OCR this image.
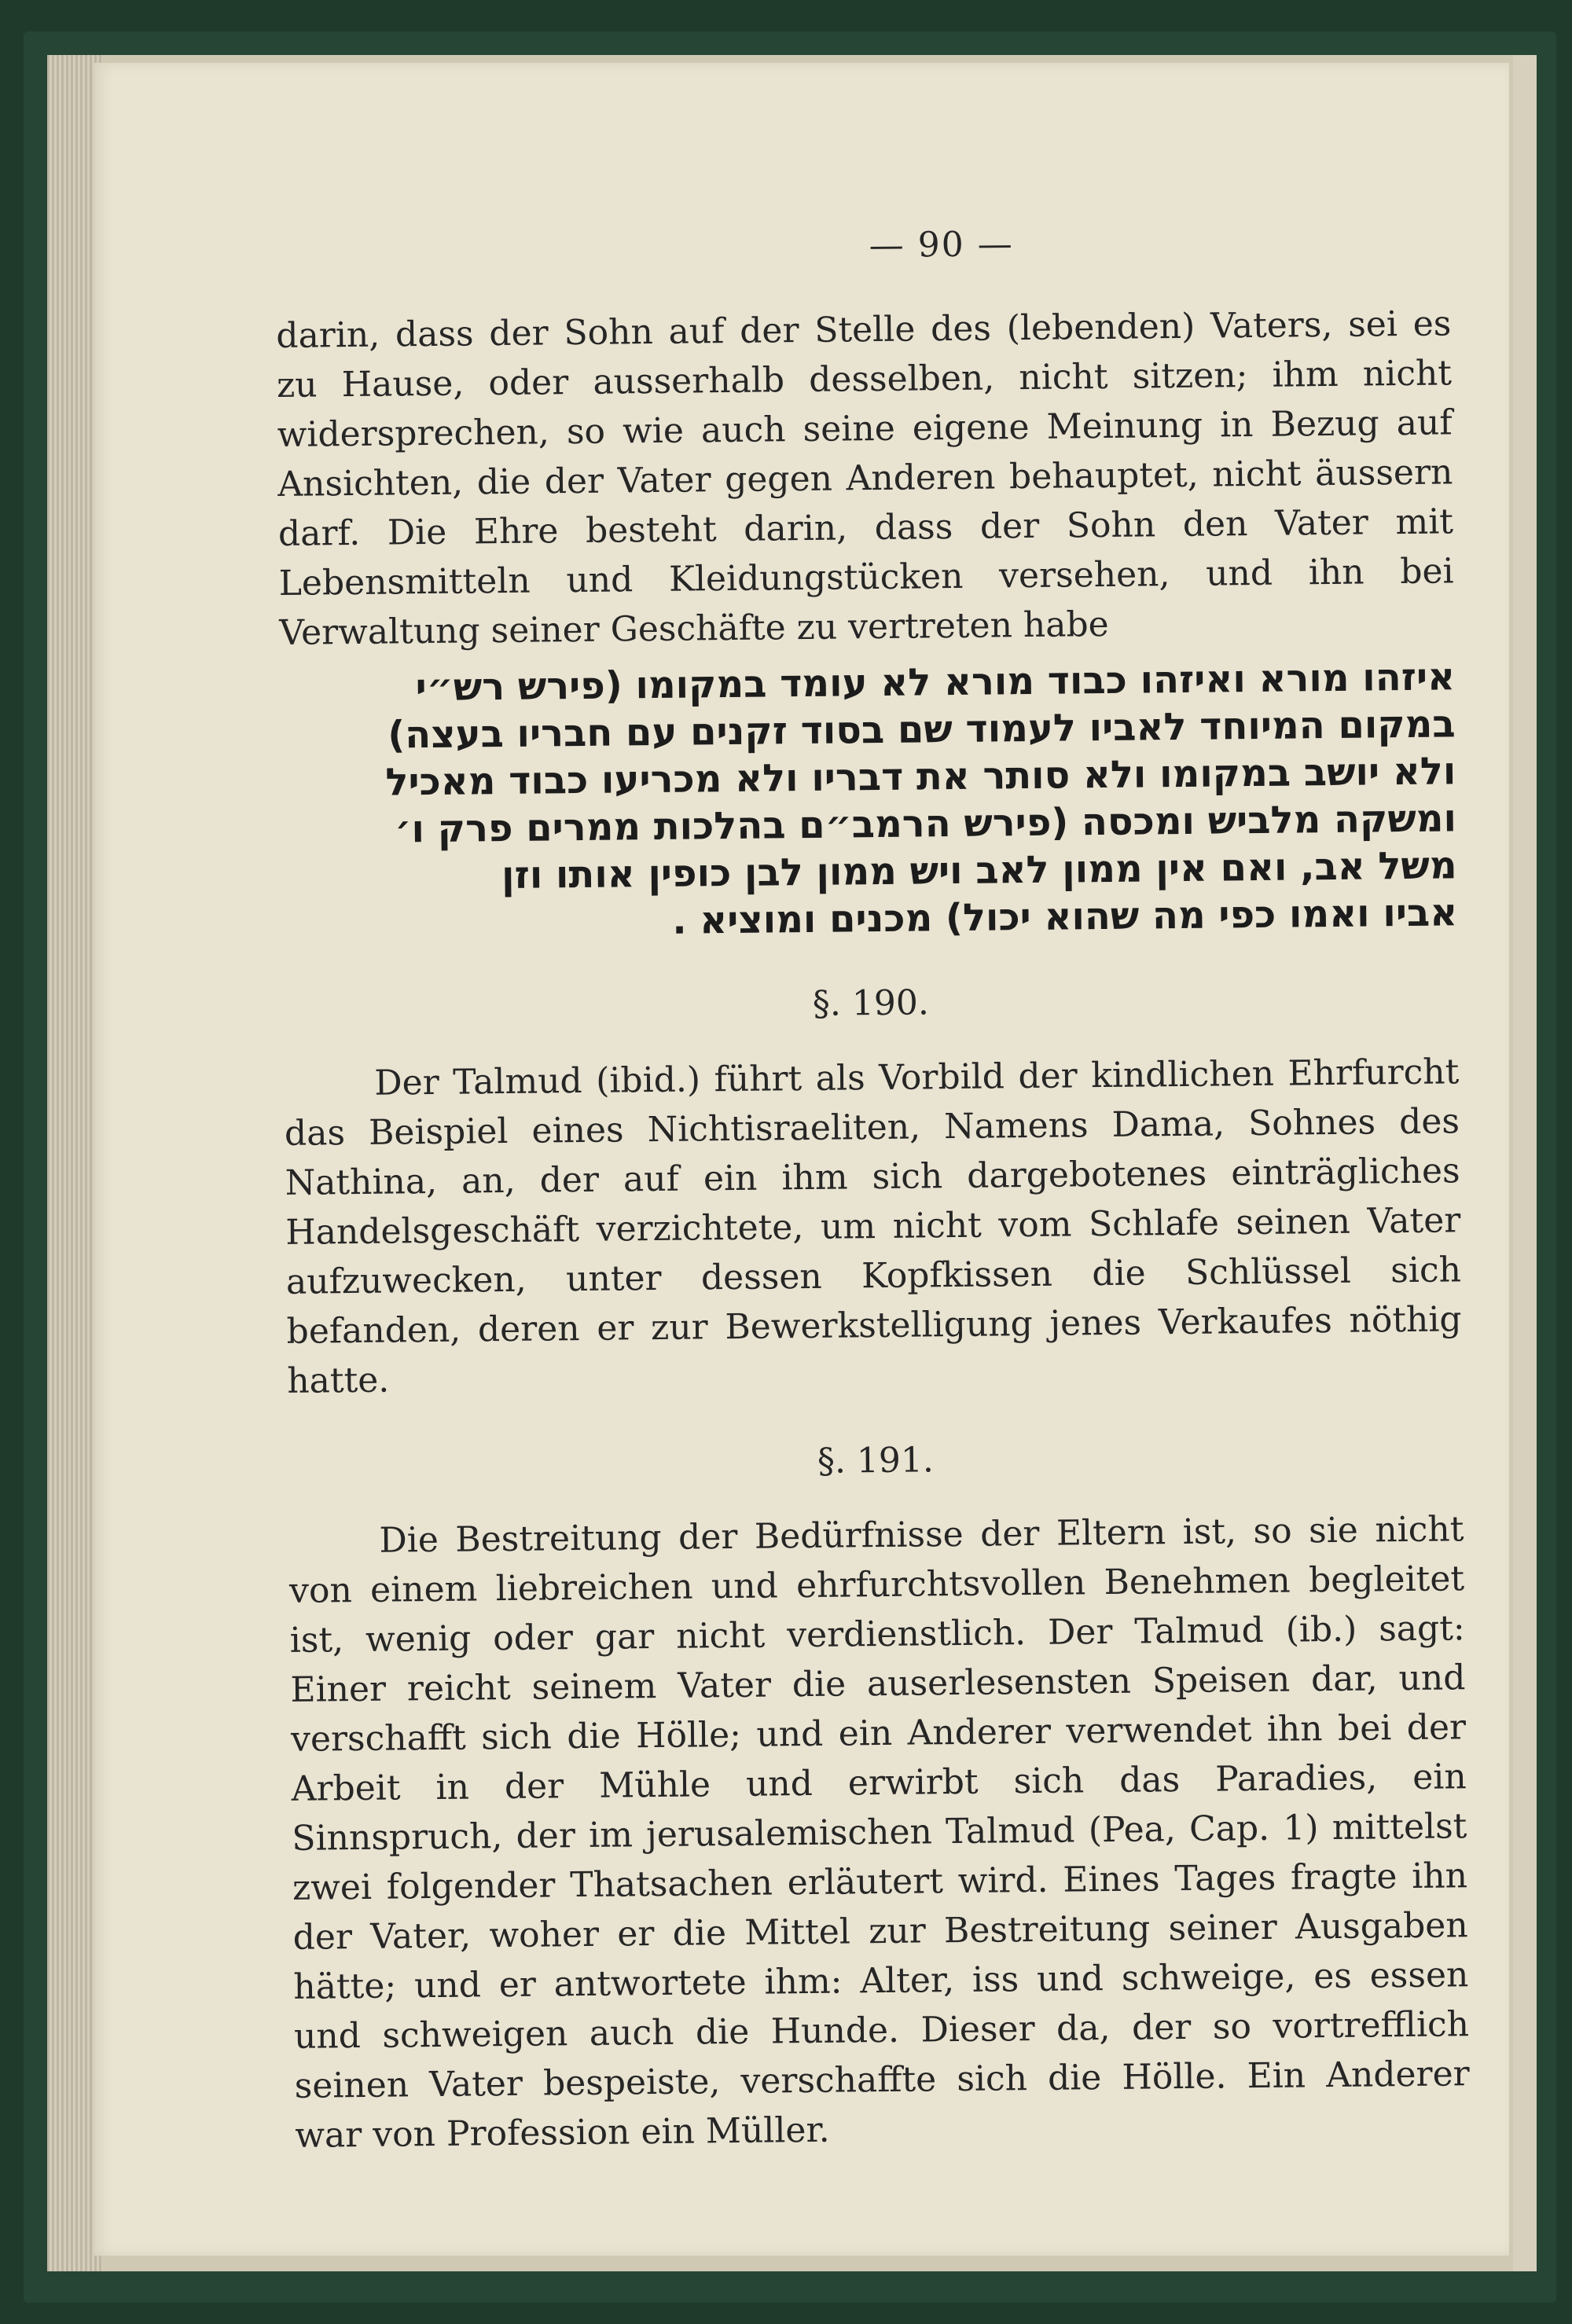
— 90 —

darin, dass der Sohn auf der Stelle des (lebenden) Vaters, sei es zu Hause, oder ausserhalb desselben, nicht sitzen; ihm nicht widersprechen, so wie auch seine eigene Meinung in Bezug auf Ansichten, die der Vater gegen Anderen behauptet, nicht äussern darf. Die Ehre besteht darin, dass der Sohn den Vater mit Lebensmitteln und Kleidungstücken versehen, und ihn bei Verwaltung seiner Geschäfte zu vertreten habe

איזהו מורא ואיזהו כבוד מורא לא עומד במקומו (פירש רש״י
במקום המיוחד לאביו לעמוד שם בסוד זקנים עם חבריו בעצה)
ולא יושב במקומו ולא סותר את דבריו ולא מכריעו כבוד מאכיל
ומשקה מלביש ומכסה (פירש הרמב״ם בהלכות ממרים פרק ו׳
משל אב, ואם אין ממון לאב ויש ממון לבן כופין אותו וזן
אביו ואמו כפי מה שהוא יכול) מכנים ומוציא .
§. 190.

Der Talmud (ibid.) führt als Vorbild der kindlichen Ehrfurcht das Beispiel eines Nichtisraeliten, Namens Dama, Sohnes des Nathina, an, der auf ein ihm sich dargebotenes einträgliches Handelsgeschäft verzichtete, um nicht vom Schlafe seinen Vater aufzuwecken, unter dessen Kopfkissen die Schlüssel sich befanden, deren er zur Bewerkstelligung jenes Verkaufes nöthig hatte.

§. 191.

Die Bestreitung der Bedürfnisse der Eltern ist, so sie nicht von einem liebreichen und ehrfurchtsvollen Benehmen begleitet ist, wenig oder gar nicht verdienstlich. Der Talmud (ib.) sagt: Einer reicht seinem Vater die auserlesensten Speisen dar, und verschafft sich die Hölle; und ein Anderer verwendet ihn bei der Arbeit in der Mühle und erwirbt sich das Paradies, ein Sinnspruch, der im jerusalemischen Talmud (Pea, Cap. 1) mittelst zwei folgender Thatsachen erläutert wird. Eines Tages fragte ihn der Vater, woher er die Mittel zur Bestreitung seiner Ausgaben hätte; und er antwortete ihm: Alter, iss und schweige, es essen und schweigen auch die Hunde. Dieser da, der so vortrefflich seinen Vater bespeiste, verschaffte sich die Hölle. Ein Anderer war von Profession ein Müller.
